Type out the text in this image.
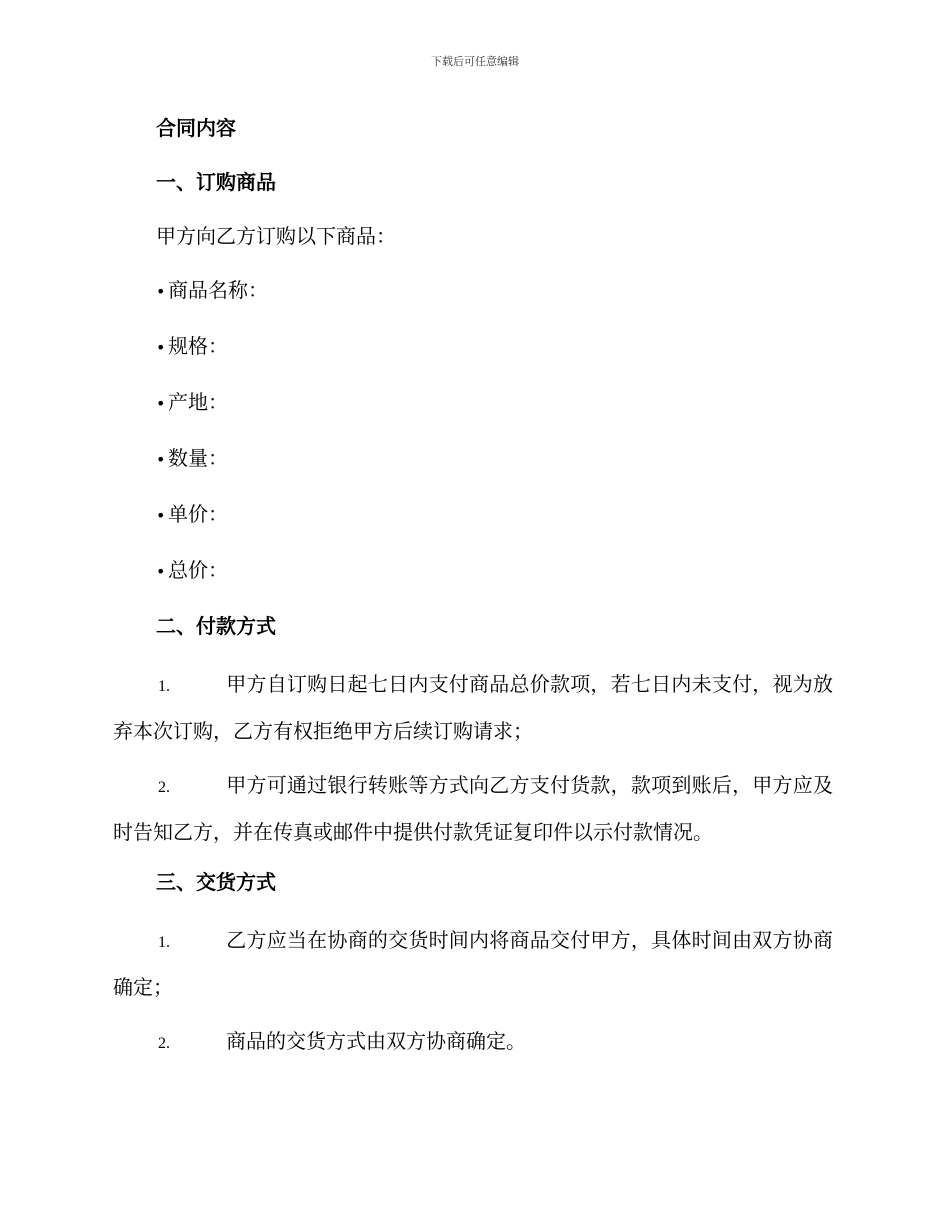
下载后可任意编辑
合同内容
一、订购商品
甲方向乙方订购以下商品：
• 商品名称：
• 规格：
• 产地：
• 数量：
• 单价：
• 总价：
二、付款方式
1.	甲方自订购日起七日内支付商品总价款项，若七日内未支付，视为放弃本次订购，乙方有权拒绝甲方后续订购请求；
2.	甲方可通过银行转账等方式向乙方支付货款，款项到账后，甲方应及时告知乙方，并在传真或邮件中提供付款凭证复印件以示付款情况。
三、交货方式
1.	乙方应当在协商的交货时间内将商品交付甲方，具体时间由双方协商确定；
2.	商品的交货方式由双方协商确定。
